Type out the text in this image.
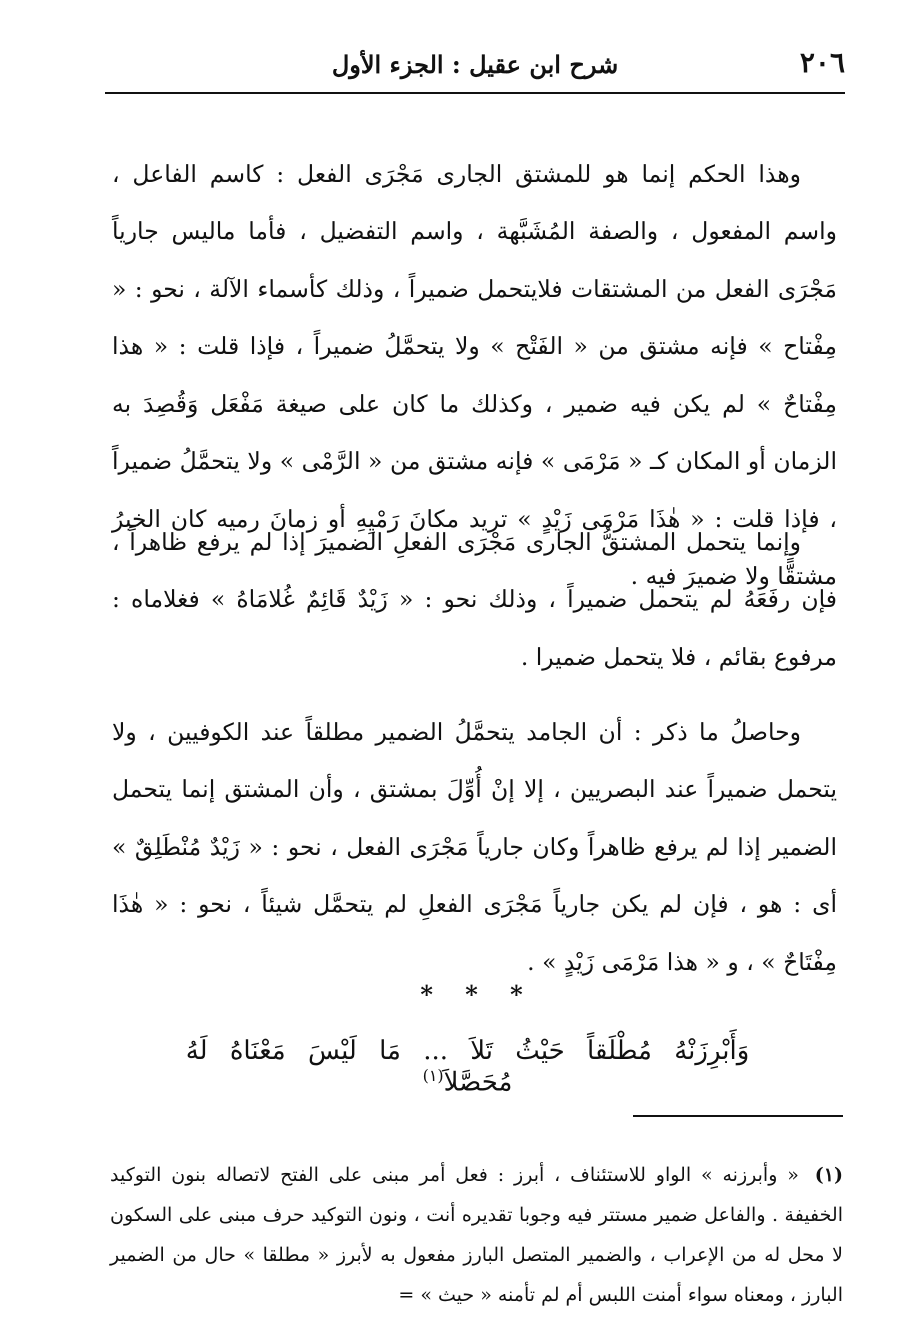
٢٠٦
شرح ابن عقيل : الجزء الأول

وهذا الحكم إنما هو للمشتق الجارى مَجْرَى الفعل : كاسم الفاعل ، واسم المفعول ، والصفة المُشَبَّهة ، واسم التفضيل ، فأما ماليس جارياً مَجْرَى الفعل من المشتقات فلايتحمل ضميراً ، وذلك كأسماء الآلة ، نحو : « مِفْتاح » فإنه مشتق من « الفَتْح » ولا يتحمَّلُ ضميراً ، فإذا قلت : « هذا مِفْتاحٌ » لم يكن فيه ضمير ، وكذلك ما كان على صيغة مَفْعَل وَقُصِدَ به الزمان أو المكان كـ « مَرْمَى » فإنه مشتق من « الرَّمْى » ولا يتحمَّلُ ضميراً ، فإذا قلت : « هٰذَا مَرْمَى زَيْدٍ » تريد مكانَ رَمْيِهِ أو زمانَ رميه كان الخبرُ مشتقًّا ولا ضميرَ فيه .

وإنما يتحمل المشتقُّ الجارى مَجْرَى الفعلِ الضميرَ إذا لم يرفع ظاهراً ، فإن رفَعَهُ لم يتحمل ضميراً ، وذلك نحو : « زَيْدٌ قَائِمٌ غُلامَاهُ » فغلاماه : مرفوع بقائم ، فلا يتحمل ضميرا .

وحاصلُ ما ذكر : أن الجامد يتحمَّلُ الضمير مطلقاً عند الكوفيين ، ولا يتحمل ضميراً عند البصريين ، إلا إنْ أُوِّلَ بمشتق ، وأن المشتق إنما يتحمل الضمير إذا لم يرفع ظاهراً وكان جارياً مَجْرَى الفعل ، نحو : « زَيْدٌ مُنْطَلِقٌ » أى : هو ، فإن لم يكن جارياً مَجْرَى الفعلِ لم يتحمَّل شيئاً ، نحو : « هٰذَا مِفْتَاحٌ » ، و « هذا مَرْمَى زَيْدٍ » .

* * *
وَأَبْرِزَنْهُ مُطْلَقاً حَيْثُ تَلاَ ... مَا لَيْسَ مَعْنَاهُ لَهُ مُحَصَّلاَ$^{(١)}$

(١) « وأبرزنه » الواو للاستئناف ، أبرز : فعل أمر مبنى على الفتح لاتصاله بنون التوكيد الخفيفة . والفاعل ضمير مستتر فيه وجوبا تقديره أنت ، ونون التوكيد حرف مبنى على السكون لا محل له من الإعراب ، والضمير المتصل البارز مفعول به لأبرز « مطلقا » حال من الضمير البارز ، ومعناه سواء أمنت اللبس أم لم تأمنه « حيث » =
